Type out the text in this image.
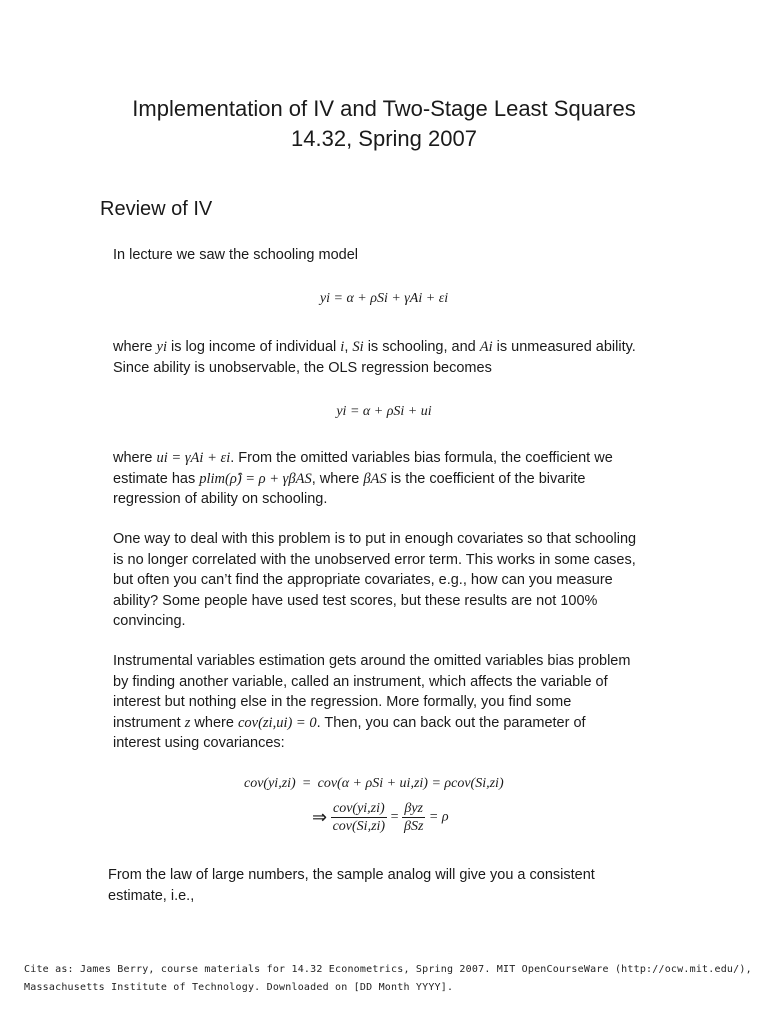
Implementation of IV and Two-Stage Least Squares
14.32, Spring 2007
Review of IV
In lecture we saw the schooling model
yi = α + ρSi + γAi + εi
where yi is log income of individual i, Si is schooling, and Ai is unmeasured ability.
Since ability is unobservable, the OLS regression becomes
yi = α + ρSi + ui
where ui = γAi + εi. From the omitted variables bias formula, the coefficient we
estimate has plim(ρ̂) = ρ + γβAS, where βAS is the coefficient of the bivarite
regression of ability on schooling.
One way to deal with this problem is to put in enough covariates so that schooling
is no longer correlated with the unobserved error term. This works in some cases,
but often you can’t find the appropriate covariates, e.g., how can you measure
ability? Some people have used test scores, but these results are not 100%
convincing.
Instrumental variables estimation gets around the omitted variables bias problem
by finding another variable, called an instrument, which affects the variable of
interest but nothing else in the regression. More formally, you find some
instrument z where cov(zi,ui) = 0. Then, you can back out the parameter of
interest using covariances:
cov(yi,zi) = cov(α + ρSi + ui,zi) = ρcov(Si,zi)
⇒ $\frac{\text{cov(yi,zi)}}{\text{cov(Si,zi)}} = \frac{\text{βyz}}{\text{βSz}} = \rho$
From the law of large numbers, the sample analog will give you a consistent
estimate, i.e.,
Cite as: James Berry, course materials for 14.32 Econometrics, Spring 2007. MIT OpenCourseWare (http://ocw.mit.edu/),
Massachusetts Institute of Technology. Downloaded on [DD Month YYYY].
